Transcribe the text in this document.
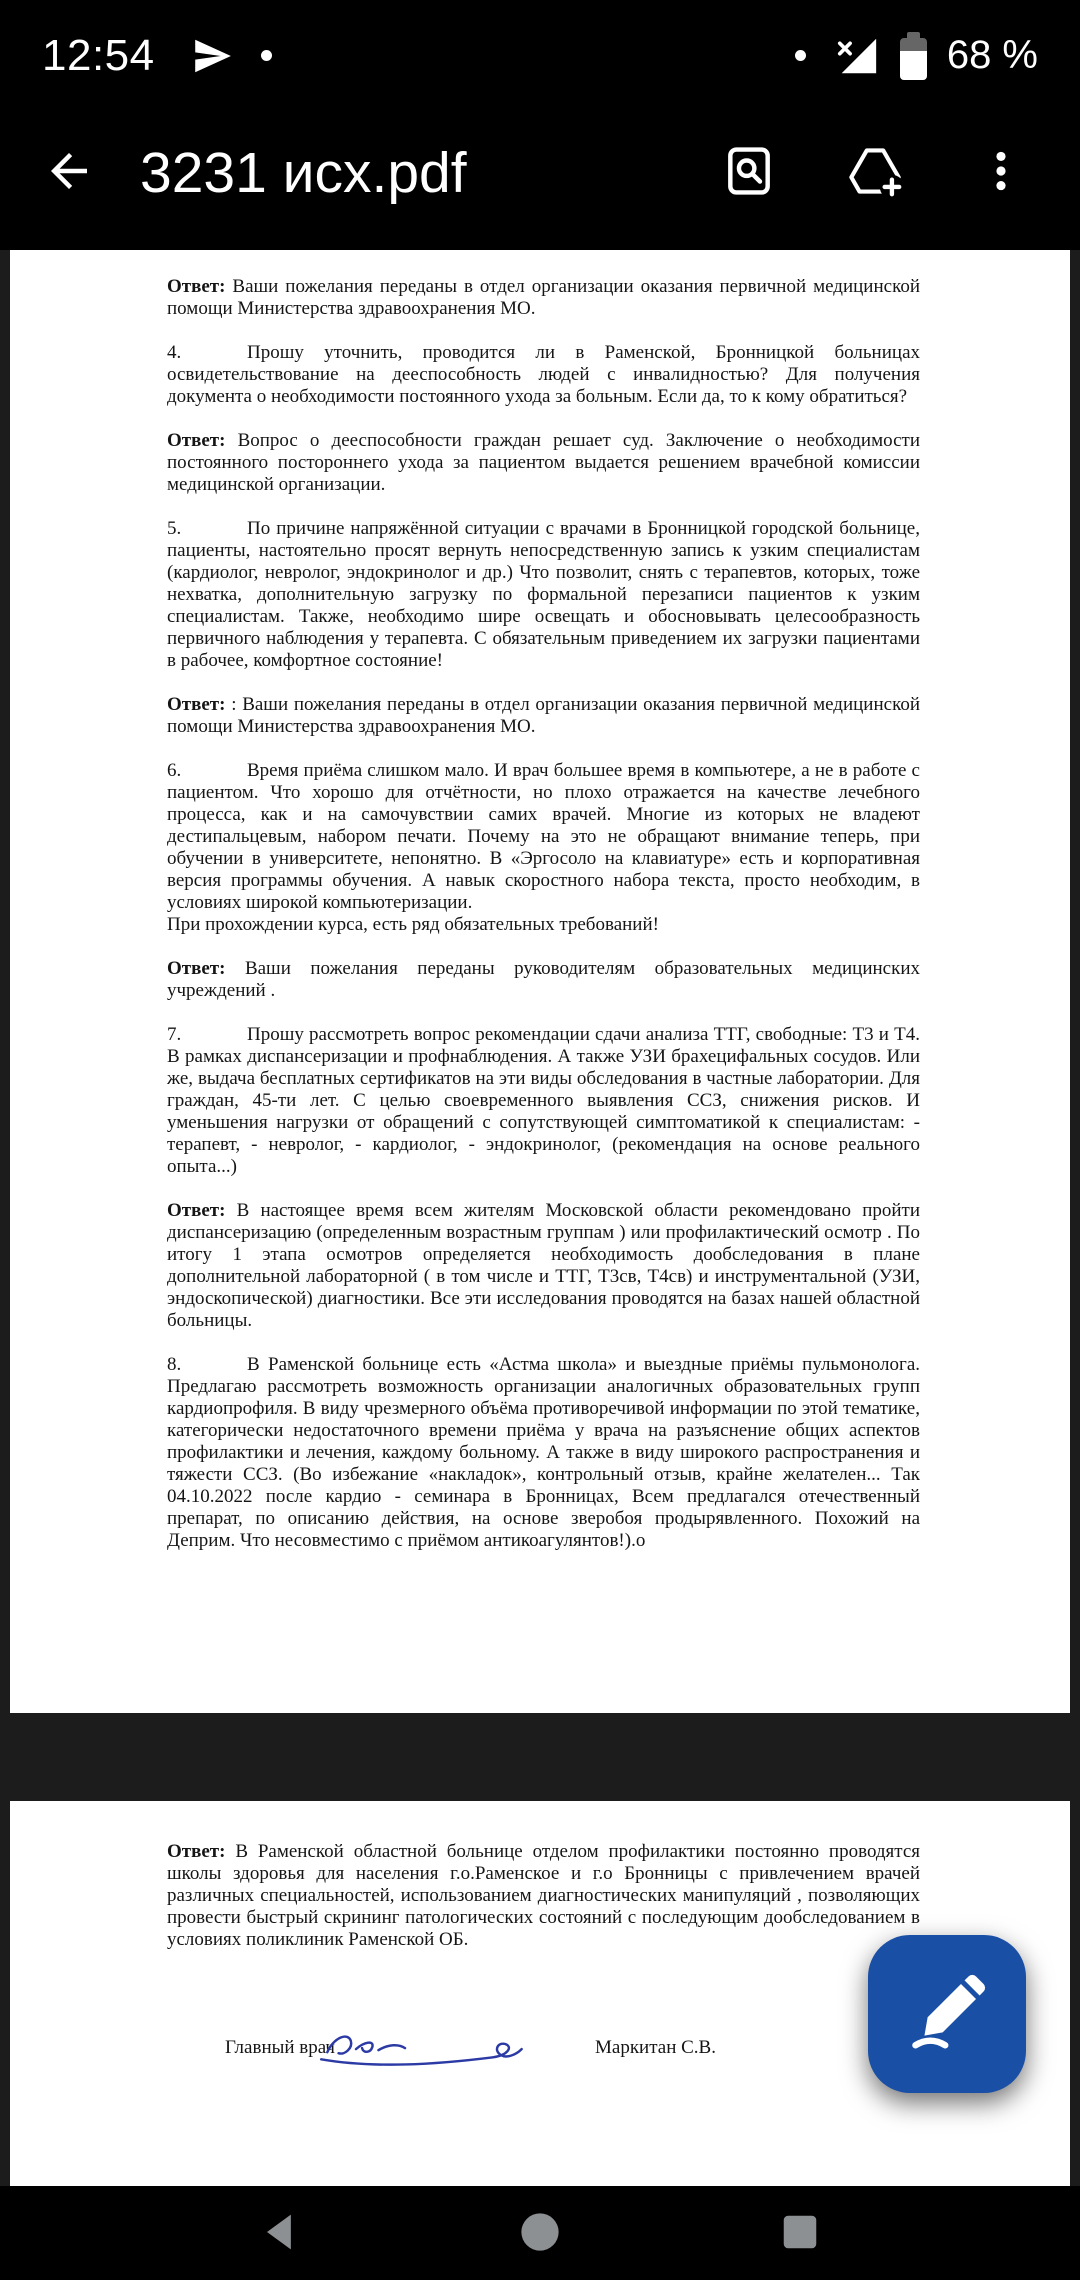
12:54	68 %
3231 исх.pdf

Ответ: Ваши пожелания переданы в отдел организации оказания первичной медицинской помощи Министерства здравоохранения МО.

4.	Прошу уточнить, проводится ли в Раменской, Бронницкой больницах освидетельствование на дееспособность людей с инвалидностью? Для получения документа о необходимости постоянного ухода за больным. Если да, то к кому обратиться?

Ответ: Вопрос о дееспособности граждан решает суд. Заключение о необходимости постоянного постороннего ухода за пациентом выдается решением врачебной комиссии медицинской организации.

5.	По причине напряжённой ситуации с врачами в Бронницкой городской больнице, пациенты, настоятельно просят вернуть непосредственную запись к узким специалистам (кардиолог, невролог, эндокринолог и др.) Что позволит, снять с терапевтов, которых, тоже нехватка, дополнительную загрузку по формальной перезаписи пациентов к узким специалистам. Также, необходимо шире освещать и обосновывать целесообразность первичного наблюдения у терапевта. С обязательным приведением их загрузки пациентами в рабочее, комфортное состояние!

Ответ: : Ваши пожелания переданы в отдел организации оказания первичной медицинской помощи Министерства здравоохранения МО.

6.	Время приёма слишком мало. И врач большее время в компьютере, а не в работе с пациентом. Что хорошо для отчётности, но плохо отражается на качестве лечебного процесса, как и на самочувствии самих врачей. Многие из которых не владеют дестипальцевым, набором печати. Почему на это не обращают внимание теперь, при обучении в университете, непонятно. В «Эргосоло на клавиатуре» есть и корпоративная версия программы обучения. А навык скоростного набора текста, просто необходим, в условиях широкой компьютеризации.
При прохождении курса, есть ряд обязательных требований!

Ответ: Ваши пожелания переданы руководителям образовательных медицинских учреждений .

7.	Прошу рассмотреть вопрос рекомендации сдачи анализа ТТГ, свободные: Т3 и Т4. В рамках диспансеризации и профнаблюдения. А также УЗИ брахецифальных сосудов. Или же, выдача бесплатных сертификатов на эти виды обследования в частные лаборатории. Для граждан, 45-ти лет. С целью своевременного выявления ССЗ, снижения рисков. И уменьшения нагрузки от обращений с сопутствующей симптоматикой к специалистам: - терапевт, - невролог, - кардиолог, - эндокринолог, (рекомендация на основе реального опыта...)

Ответ: В настоящее время всем жителям Московской области рекомендовано пройти диспансеризацию (определенным возрастным группам ) или профилактический осмотр . По итогу 1 этапа осмотров определяется необходимость дообследования в плане дополнительной лабораторной ( в том числе и ТТГ, Т3св, Т4св) и инструментальной (УЗИ, эндоскопической) диагностики. Все эти исследования проводятся на базах нашей областной больницы.

8.	В Раменской больнице есть «Астма школа» и выездные приёмы пульмонолога. Предлагаю рассмотреть возможность организации аналогичных образовательных групп кардиопрофиля. В виду чрезмерного объёма противоречивой информации по этой тематике, категорически недостаточного времени приёма у врача на разъяснение общих аспектов профилактики и лечения, каждому больному. А также в виду широкого распространения и тяжести ССЗ. (Во избежание «накладок», контрольный отзыв, крайне желателен... Так 04.10.2022 после кардио - семинара в Бронницах, Всем предлагался отечественный препарат, по описанию действия, на основе зверобоя продырявленного. Похожий на Деприм. Что несовместимо с приёмом антикоагулянтов!).о

Ответ: В Раменской областной больнице отделом профилактики постоянно проводятся школы здоровья для населения г.о.Раменское и г.о Бронницы с привлечением врачей различных специальностей, использованием диагностических манипуляций , позволяющих провести быстрый скрининг патологических состояний с последующим дообследованием в условиях поликлиник Раменской ОБ.

Главный врач	Маркитан С.В.
